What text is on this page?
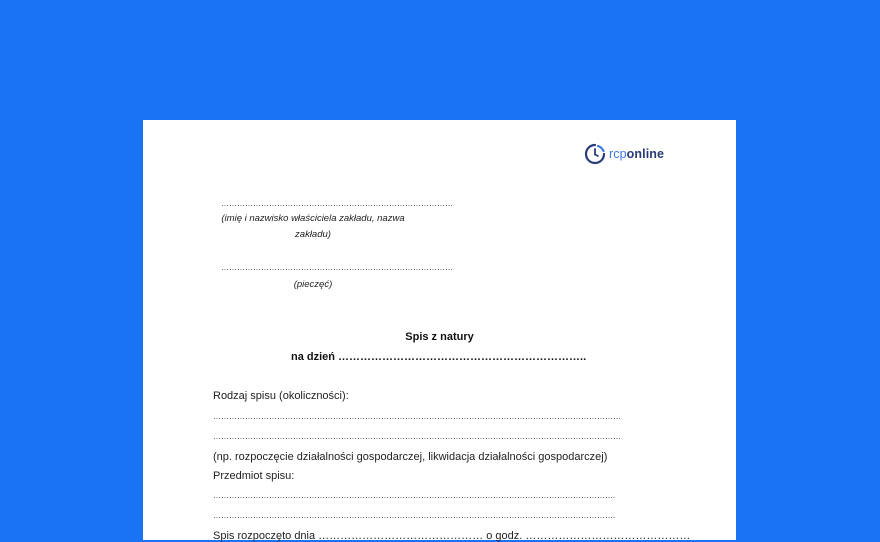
rcponline
……………………………………………………………………………
(imię i nazwisko właściciela zakładu, nazwa
zakładu)
……………………………………………………………………………
(pieczęć)
Spis z natury
na dzień …………………………………………………………..
Rodzaj spisu (okoliczności):
………………………………………………………………………………………………………………………………………
………………………………………………………………………………………………………………………………………
(np. rozpoczęcie działalności gospodarczej, likwidacja działalności gospodarczej)
Przedmiot spisu:
…………………………………………………………………………………………………………………………………….
…………………………………………………………………………………………………………………………………….
Spis rozpoczęto dnia ……………………………………… o godz. ………………………………………
